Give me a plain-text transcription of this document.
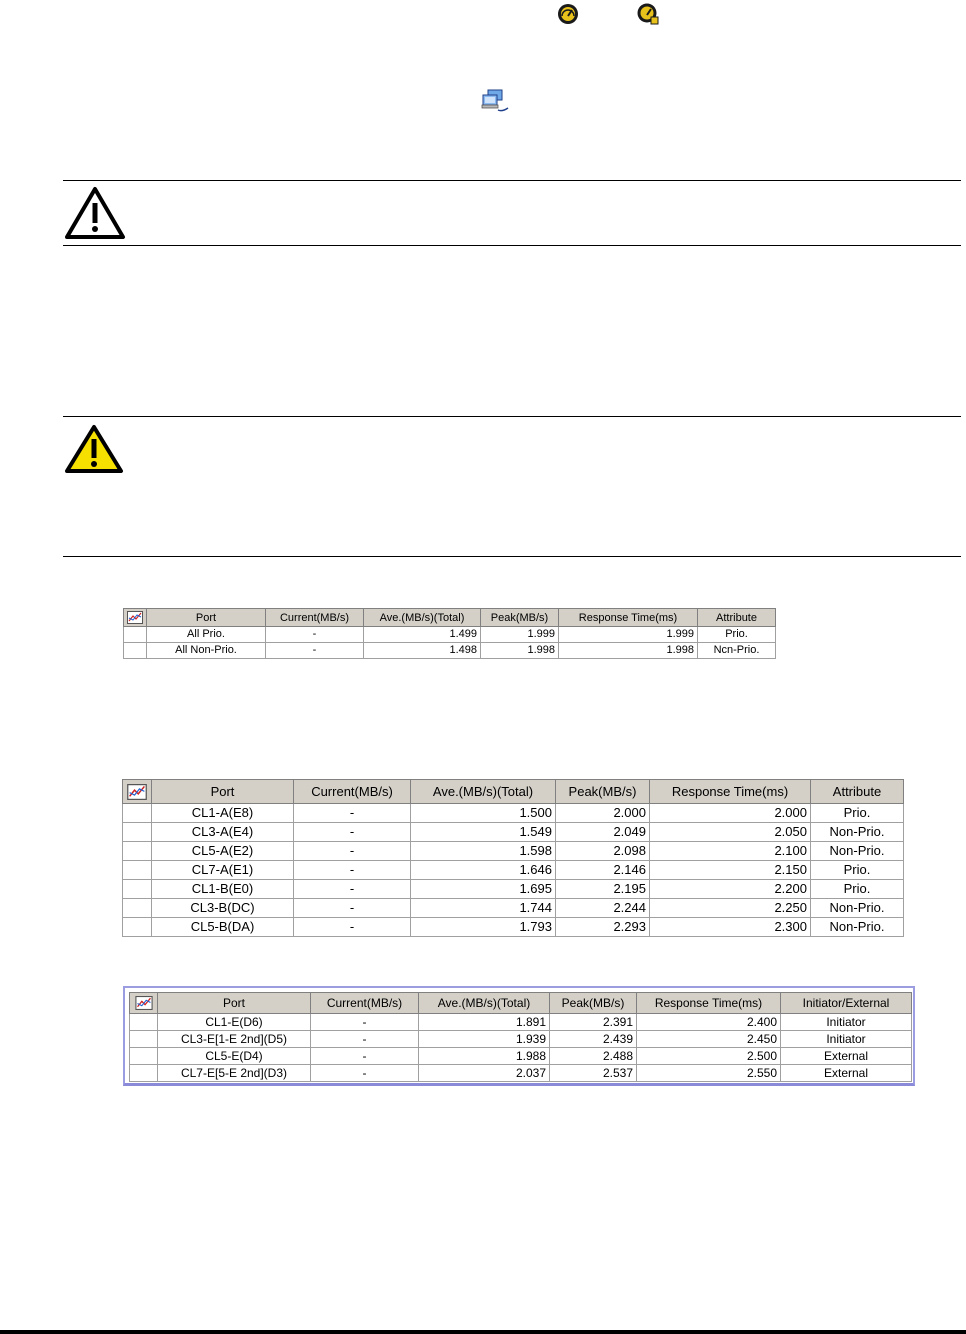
	Port	Current(MB/s)	Ave.(MB/s)(Total)	Peak(MB/s)	Response Time(ms)	Attribute
	All Prio.	-	1.499	1.999	1.999	Prio.
	All Non-Prio.	-	1.498	1.998	1.998	Ncn-Prio.
	Port	Current(MB/s)	Ave.(MB/s)(Total)	Peak(MB/s)	Response Time(ms)	Attribute
	CL1-A(E8)	-	1.500	2.000	2.000	Prio.
	CL3-A(E4)	-	1.549	2.049	2.050	Non-Prio.
	CL5-A(E2)	-	1.598	2.098	2.100	Non-Prio.
	CL7-A(E1)	-	1.646	2.146	2.150	Prio.
	CL1-B(E0)	-	1.695	2.195	2.200	Prio.
	CL3-B(DC)	-	1.744	2.244	2.250	Non-Prio.
	CL5-B(DA)	-	1.793	2.293	2.300	Non-Prio.
	Port	Current(MB/s)	Ave.(MB/s)(Total)	Peak(MB/s)	Response Time(ms)	Initiator/External
	CL1-E(D6)	-	1.891	2.391	2.400	Initiator
	CL3-E[1-E 2nd](D5)	-	1.939	2.439	2.450	Initiator
	CL5-E(D4)	-	1.988	2.488	2.500	External
	CL7-E[5-E 2nd](D3)	-	2.037	2.537	2.550	External
